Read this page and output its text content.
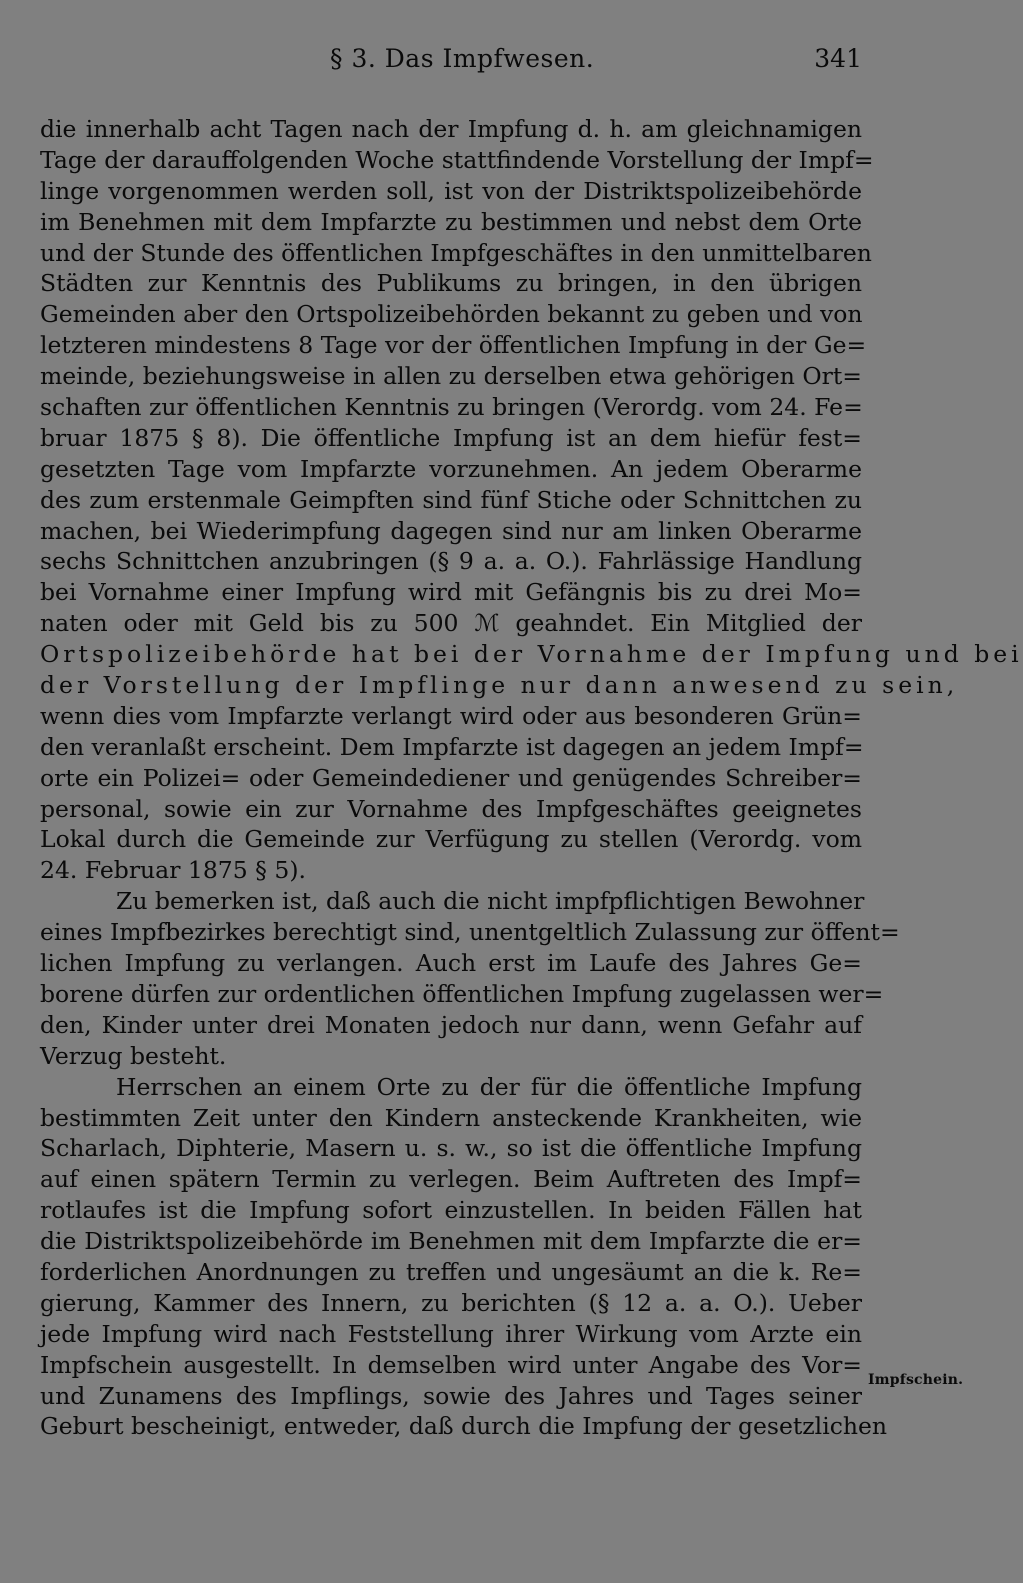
§ 3. Das Impfwesen.	341
die innerhalb acht Tagen nach der Impfung d. h. am gleichnamigen
Tage der darauffolgenden Woche stattfindende Vorstellung der Impf=
linge vorgenommen werden soll, ist von der Distriktspolizeibehörde
im Benehmen mit dem Impfarzte zu bestimmen und nebst dem Orte
und der Stunde des öffentlichen Impfgeschäftes in den unmittelbaren
Städten zur Kenntnis des Publikums zu bringen, in den übrigen
Gemeinden aber den Ortspolizeibehörden bekannt zu geben und von
letzteren mindestens 8 Tage vor der öffentlichen Impfung in der Ge=
meinde, beziehungsweise in allen zu derselben etwa gehörigen Ort=
schaften zur öffentlichen Kenntnis zu bringen (Verordg. vom 24. Fe=
bruar 1875 § 8). Die öffentliche Impfung ist an dem hiefür fest=
gesetzten Tage vom Impfarzte vorzunehmen. An jedem Oberarme
des zum erstenmale Geimpften sind fünf Stiche oder Schnittchen zu
machen, bei Wiederimpfung dagegen sind nur am linken Oberarme
sechs Schnittchen anzubringen (§ 9 a. a. O.). Fahrlässige Handlung
bei Vornahme einer Impfung wird mit Gefängnis bis zu drei Mo=
naten oder mit Geld bis zu 500 ℳ geahndet. Ein Mitglied der
Ortspolizeibehörde hat bei der Vornahme der Impfung und bei
der Vorstellung der Impflinge nur dann anwesend zu sein,
wenn dies vom Impfarzte verlangt wird oder aus besonderen Grün=
den veranlaßt erscheint. Dem Impfarzte ist dagegen an jedem Impf=
orte ein Polizei= oder Gemeindediener und genügendes Schreiber=
personal, sowie ein zur Vornahme des Impfgeschäftes geeignetes
Lokal durch die Gemeinde zur Verfügung zu stellen (Verordg. vom
24. Februar 1875 § 5).
Zu bemerken ist, daß auch die nicht impfpflichtigen Bewohner
eines Impfbezirkes berechtigt sind, unentgeltlich Zulassung zur öffent=
lichen Impfung zu verlangen. Auch erst im Laufe des Jahres Ge=
borene dürfen zur ordentlichen öffentlichen Impfung zugelassen wer=
den, Kinder unter drei Monaten jedoch nur dann, wenn Gefahr auf
Verzug besteht.
Herrschen an einem Orte zu der für die öffentliche Impfung
bestimmten Zeit unter den Kindern ansteckende Krankheiten, wie
Scharlach, Diphterie, Masern u. s. w., so ist die öffentliche Impfung
auf einen spätern Termin zu verlegen. Beim Auftreten des Impf=
rotlaufes ist die Impfung sofort einzustellen. In beiden Fällen hat
die Distriktspolizeibehörde im Benehmen mit dem Impfarzte die er=
forderlichen Anordnungen zu treffen und ungesäumt an die k. Re=
gierung, Kammer des Innern, zu berichten (§ 12 a. a. O.). Ueber
jede Impfung wird nach Feststellung ihrer Wirkung vom Arzte ein
Impfschein ausgestellt. In demselben wird unter Angabe des Vor=
und Zunamens des Impflings, sowie des Jahres und Tages seiner
Geburt bescheinigt, entweder, daß durch die Impfung der gesetzlichen
Impfschein.
